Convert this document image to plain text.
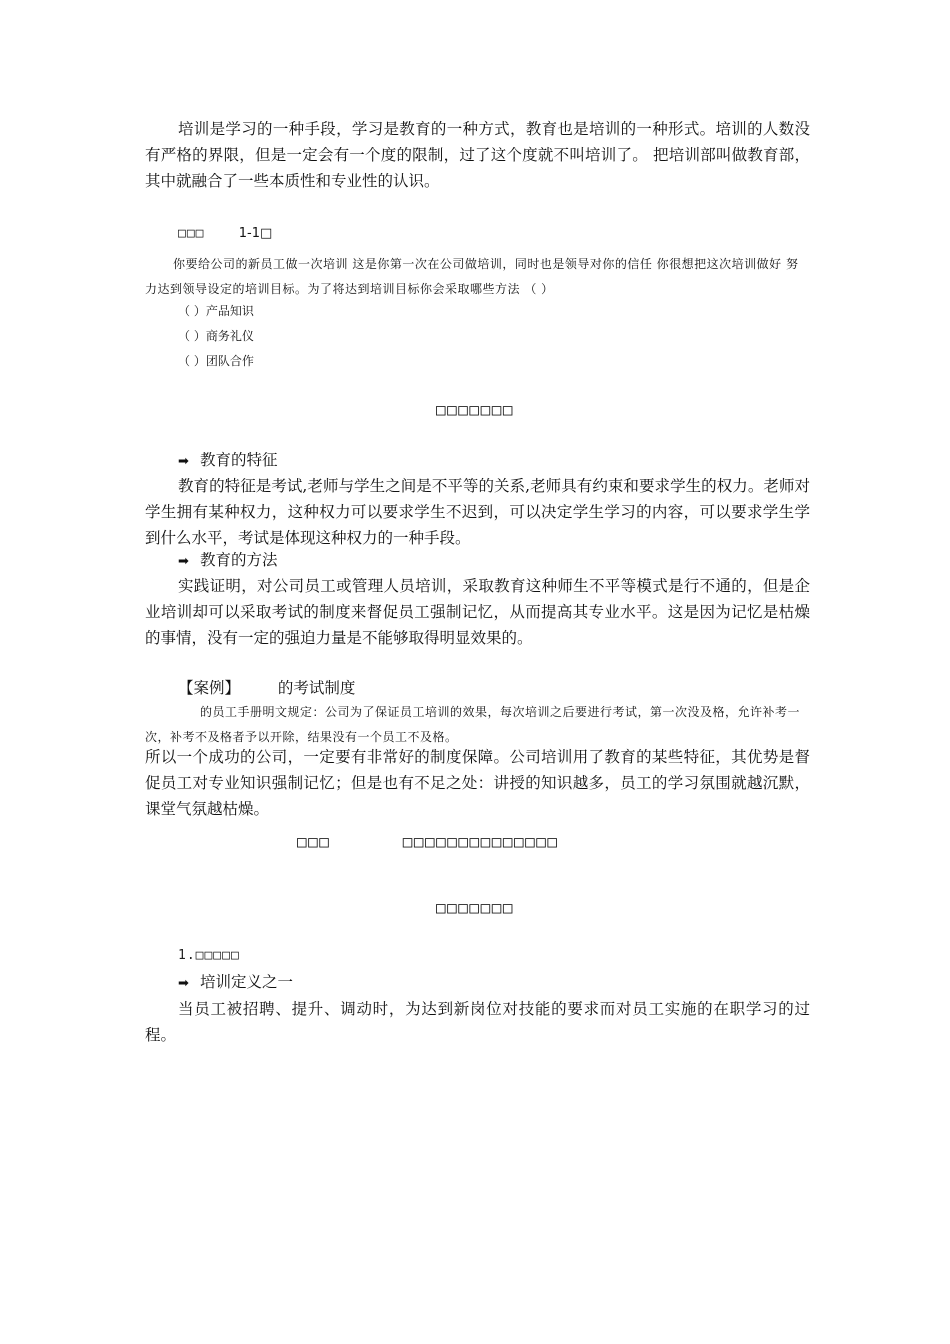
培训是学习的一种手段，学习是教育的一种方式，教育也是培训的一种形式。培训的人数没有严格的界限，但是一定会有一个度的限制，过了这个度就不叫培训了。 把培训部叫做教育部，其中就融合了一些本质性和专业性的认识。

□□□	1-1□

你要给公司的新员工做一次培训 这是你第一次在公司做培训，同时也是领导对你的信任 你很想把这次培训做好 努力达到领导设定的培训目标。为了将达到培训目标你会采取哪些方法 （ ）

（ ）产品知识
（ ）商务礼仪
（ ）团队合作
□□□□□□□
➡ 教育的特征

教育的特征是考试,老师与学生之间是不平等的关系,老师具有约束和要求学生的权力。老师对学生拥有某种权力，这种权力可以要求学生不迟到，可以决定学生学习的内容，可以要求学生学到什么水平，考试是体现这种权力的一种手段。

➡ 教育的方法

实践证明，对公司员工或管理人员培训，采取教育这种师生不平等模式是行不通的，但是企业培训却可以采取考试的制度来督促员工强制记忆，从而提高其专业水平。这是因为记忆是枯燥的事情，没有一定的强迫力量是不能够取得明显效果的。

【案例】 的考试制度

的员工手册明文规定：公司为了保证员工培训的效果，每次培训之后要进行考试，第一次没及格，允许补考一次，补考不及格者予以开除，结果没有一个员工不及格。

所以一个成功的公司，一定要有非常好的制度保障。公司培训用了教育的某些特征，其优势是督促员工对专业知识强制记忆；但是也有不足之处：讲授的知识越多，员工的学习氛围就越沉默，课堂气氛越枯燥。

□□□	□□□□□□□□□□□□□□
□□□□□□□
1.□□□□□
➡ 培训定义之一

当员工被招聘、提升、调动时，为达到新岗位对技能的要求而对员工实施的在职学习的过程。
